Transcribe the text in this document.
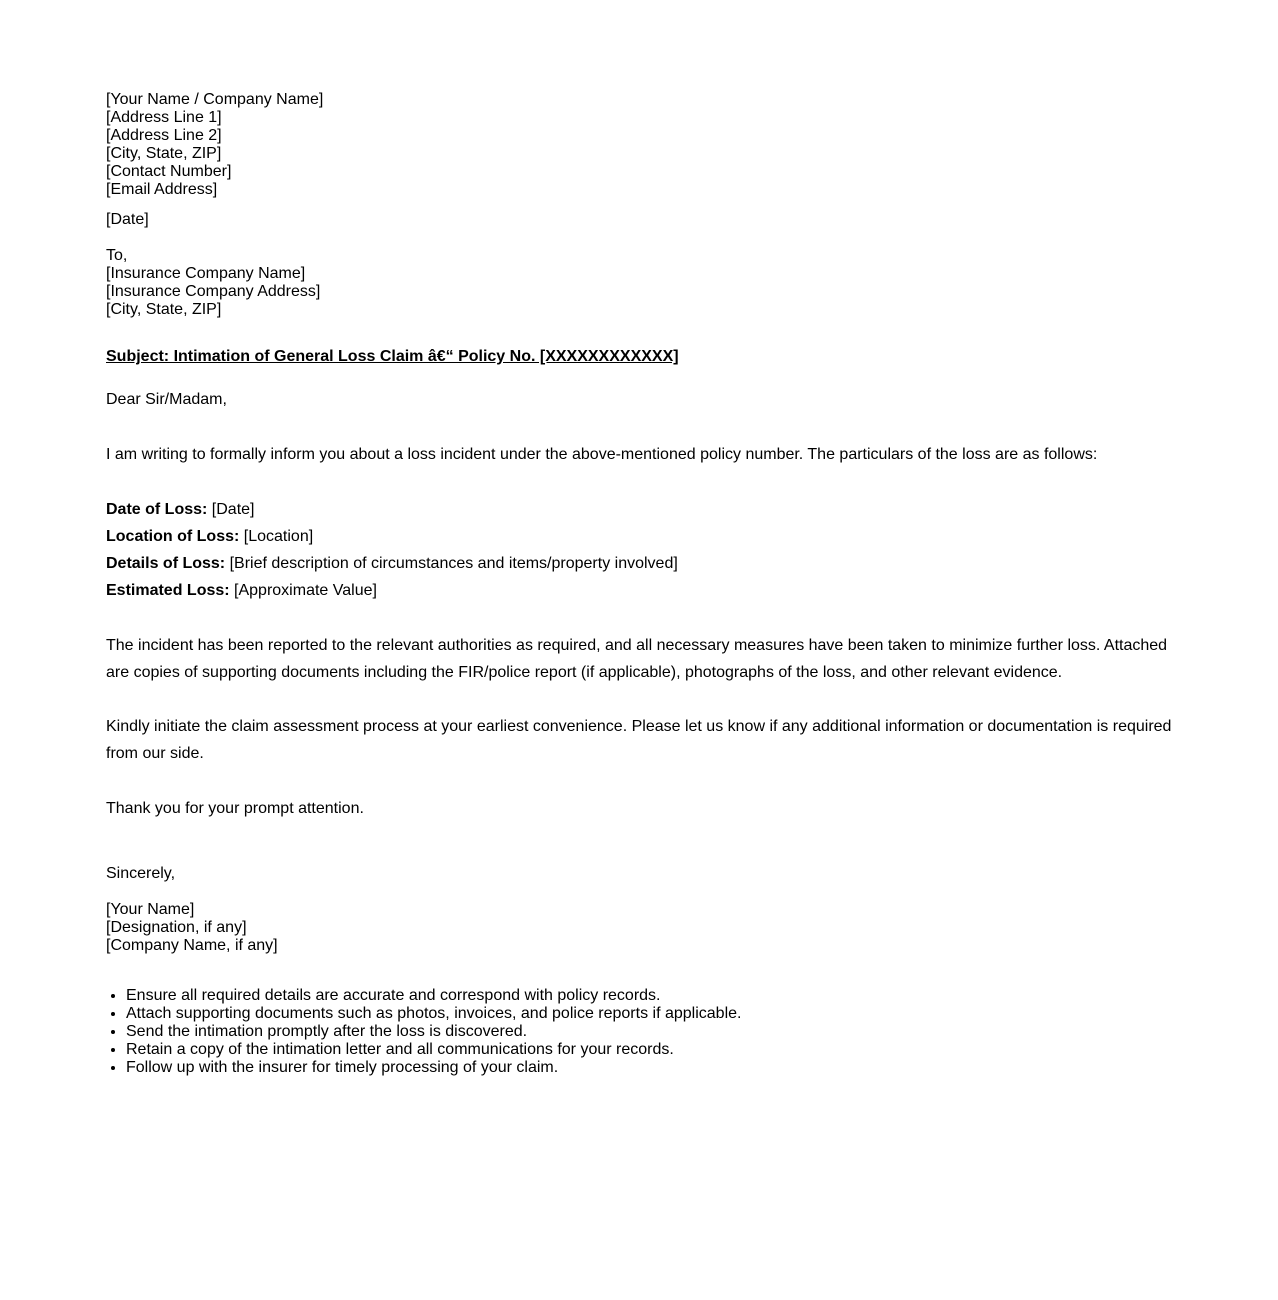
[Your Name / Company Name]
[Address Line 1]
[Address Line 2]
[City, State, ZIP]
[Contact Number]
[Email Address]
[Date]
To,
[Insurance Company Name]
[Insurance Company Address]
[City, State, ZIP]
Subject: Intimation of General Loss Claim â€“ Policy No. [XXXXXXXXXXXX]
Dear Sir/Madam,

I am writing to formally inform you about a loss incident under the above-mentioned policy number. The particulars of the loss are as follows:

Date of Loss: [Date]
Location of Loss: [Location]
Details of Loss: [Brief description of circumstances and items/property involved]
Estimated Loss: [Approximate Value]

The incident has been reported to the relevant authorities as required, and all necessary measures have been taken to minimize further loss. Attached are copies of supporting documents including the FIR/police report (if applicable), photographs of the loss, and other relevant evidence.

Kindly initiate the claim assessment process at your earliest convenience. Please let us know if any additional information or documentation is required from our side.

Thank you for your prompt attention.

Sincerely,
[Your Name]
[Designation, if any]
[Company Name, if any]
• Ensure all required details are accurate and correspond with policy records.
• Attach supporting documents such as photos, invoices, and police reports if applicable.
• Send the intimation promptly after the loss is discovered.
• Retain a copy of the intimation letter and all communications for your records.
• Follow up with the insurer for timely processing of your claim.
